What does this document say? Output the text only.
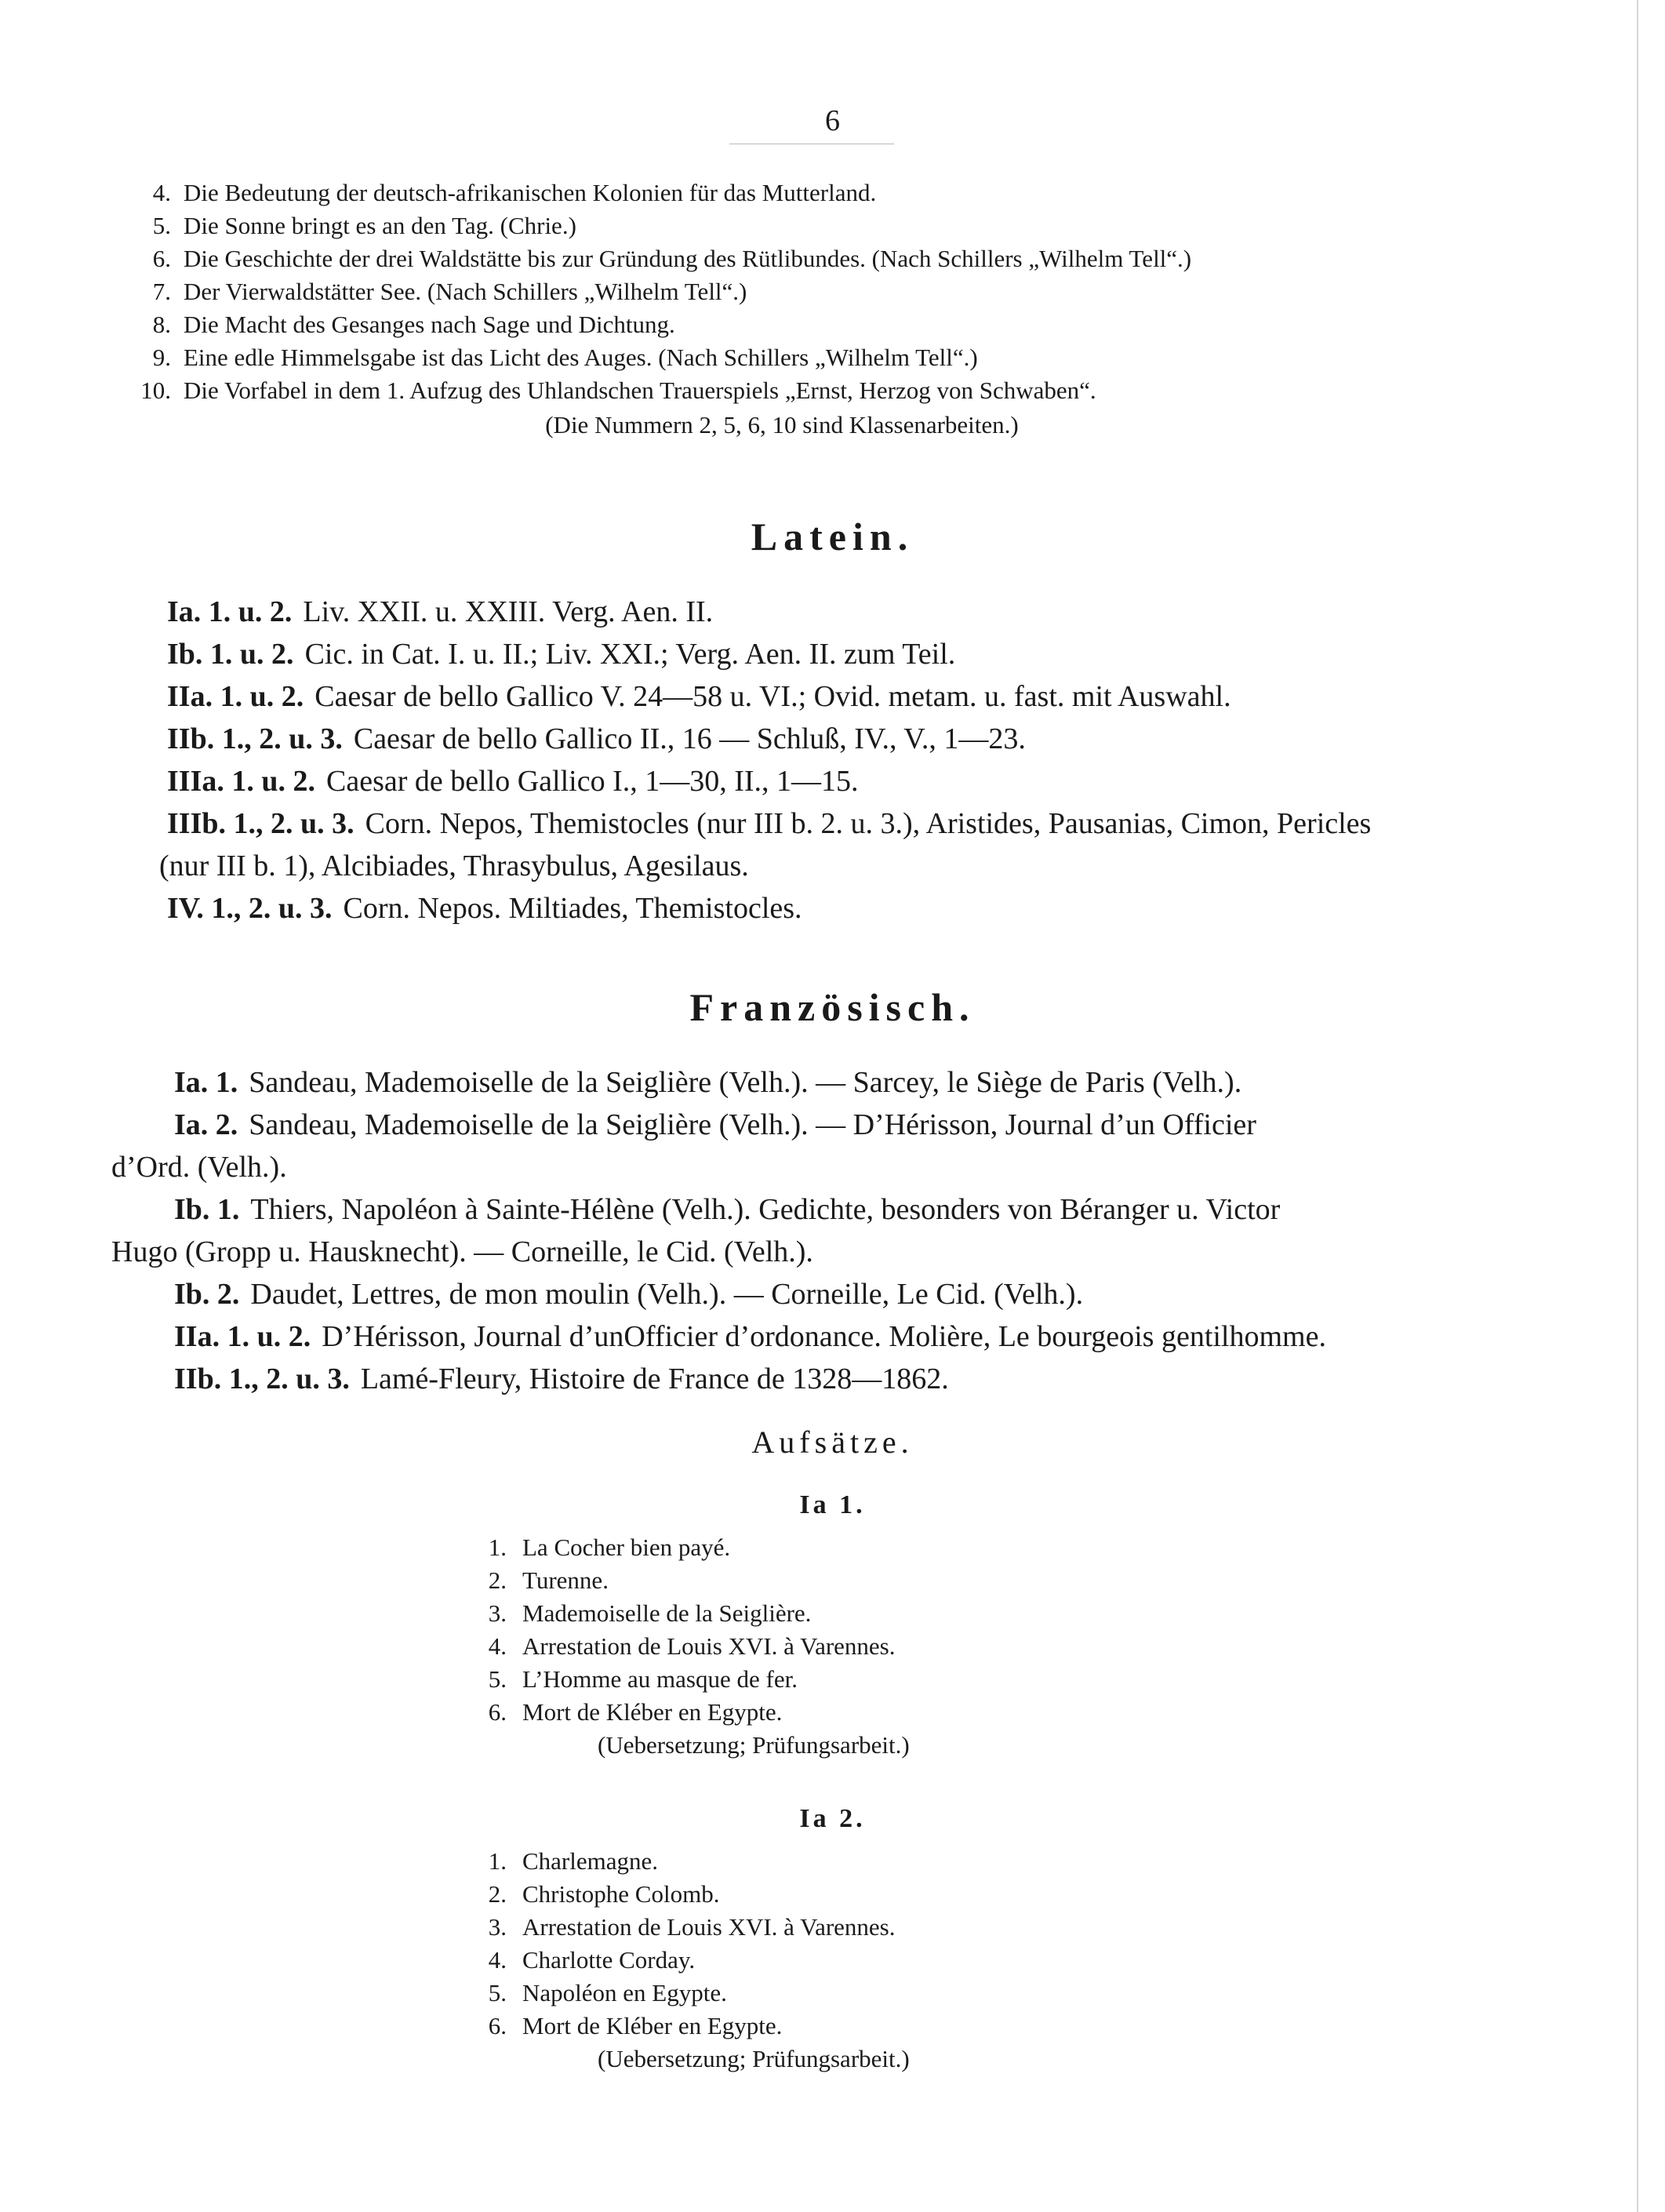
6
4. Die Bedeutung der deutsch-afrikanischen Kolonien für das Mutterland.
5. Die Sonne bringt es an den Tag. (Chrie.)
6. Die Geschichte der drei Waldstätte bis zur Gründung des Rütlibundes. (Nach Schillers „Wilhelm Tell“.)
7. Der Vierwaldstätter See. (Nach Schillers „Wilhelm Tell“.)
8. Die Macht des Gesanges nach Sage und Dichtung.
9. Eine edle Himmelsgabe ist das Licht des Auges. (Nach Schillers „Wilhelm Tell“.)
10. Die Vorfabel in dem 1. Aufzug des Uhlandschen Trauerspiels „Ernst, Herzog von Schwaben“.
(Die Nummern 2, 5, 6, 10 sind Klassenarbeiten.)
Latein.
Ia. 1. u. 2. Liv. XXII. u. XXIII. Verg. Aen. II.
Ib. 1. u. 2. Cic. in Cat. I. u. II.; Liv. XXI.; Verg. Aen. II. zum Teil.
IIa. 1. u. 2. Caesar de bello Gallico V. 24—58 u. VI.; Ovid. metam. u. fast. mit Auswahl.
IIb. 1., 2. u. 3. Caesar de bello Gallico II., 16 — Schluß, IV., V., 1—23.
IIIa. 1. u. 2. Caesar de bello Gallico I., 1—30, II., 1—15.
IIIb. 1., 2. u. 3. Corn. Nepos, Themistocles (nur III b. 2. u. 3.), Aristides, Pausanias, Cimon, Pericles
(nur III b. 1), Alcibiades, Thrasybulus, Agesilaus.
IV. 1., 2. u. 3. Corn. Nepos. Miltiades, Themistocles.
Französisch.
Ia. 1. Sandeau, Mademoiselle de la Seiglière (Velh.). — Sarcey, le Siège de Paris (Velh.).
Ia. 2. Sandeau, Mademoiselle de la Seiglière (Velh.). — D’Hérisson, Journal d’un Officier
d’Ord. (Velh.).
Ib. 1. Thiers, Napoléon à Sainte-Hélène (Velh.). Gedichte, besonders von Béranger u. Victor
Hugo (Gropp u. Hausknecht). — Corneille, le Cid. (Velh.).
Ib. 2. Daudet, Lettres, de mon moulin (Velh.). — Corneille, Le Cid. (Velh.).
IIa. 1. u. 2. D’Hérisson, Journal d’unOfficier d’ordonance. Molière, Le bourgeois gentilhomme.
IIb. 1., 2. u. 3. Lamé-Fleury, Histoire de France de 1328—1862.
Aufsätze.
Ia 1.
1. La Cocher bien payé.
2. Turenne.
3. Mademoiselle de la Seiglière.
4. Arrestation de Louis XVI. à Varennes.
5. L’Homme au masque de fer.
6. Mort de Kléber en Egypte.
(Uebersetzung; Prüfungsarbeit.)
Ia 2.
1. Charlemagne.
2. Christophe Colomb.
3. Arrestation de Louis XVI. à Varennes.
4. Charlotte Corday.
5. Napoléon en Egypte.
6. Mort de Kléber en Egypte.
(Uebersetzung; Prüfungsarbeit.)
